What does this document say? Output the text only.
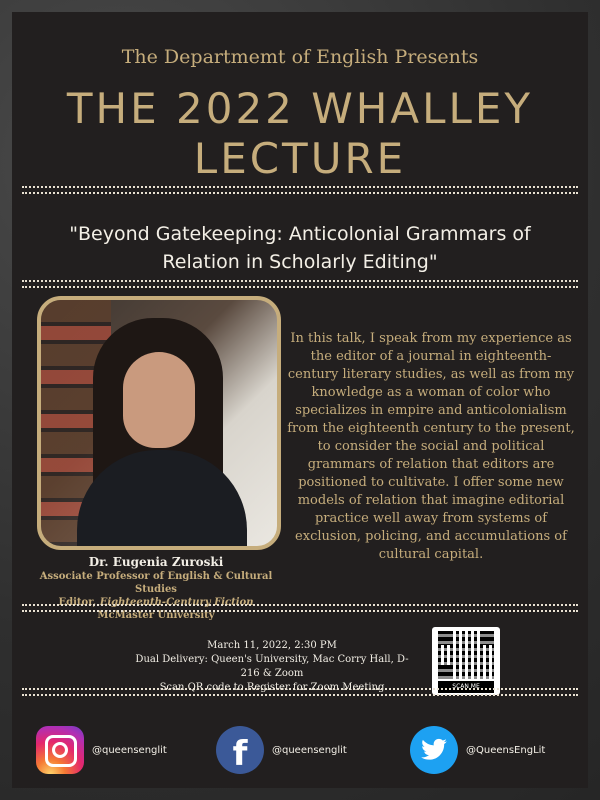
The Departmemt of English Presents
THE 2022 WHALLEY
LECTURE
"Beyond Gatekeeping: Anticolonial Grammars of
Relation in Scholarly Editing"
Dr. Eugenia Zuroski
Associate Professor of English & Cultural Studies
Editor, Eighteenth-Century Fiction
McMaster University
In this talk, I speak from my experience as the editor of a journal in eighteenth-century literary studies, as well as from my knowledge as a woman of color who specializes in empire and anticolonialism from the eighteenth century to the present, to consider the social and political grammars of relation that editors are positioned to cultivate. I offer some new models of relation that imagine editorial practice well away from systems of exclusion, policing, and accumulations of cultural capital.
March 11, 2022, 2:30 PM
Dual Delivery: Queen's University, Mac Corry Hall, D-216 & Zoom
Scan QR code to Register for Zoom Meeting	SCAN ME
@queensenglit	f	@queensenglit	@QueensEngLit
